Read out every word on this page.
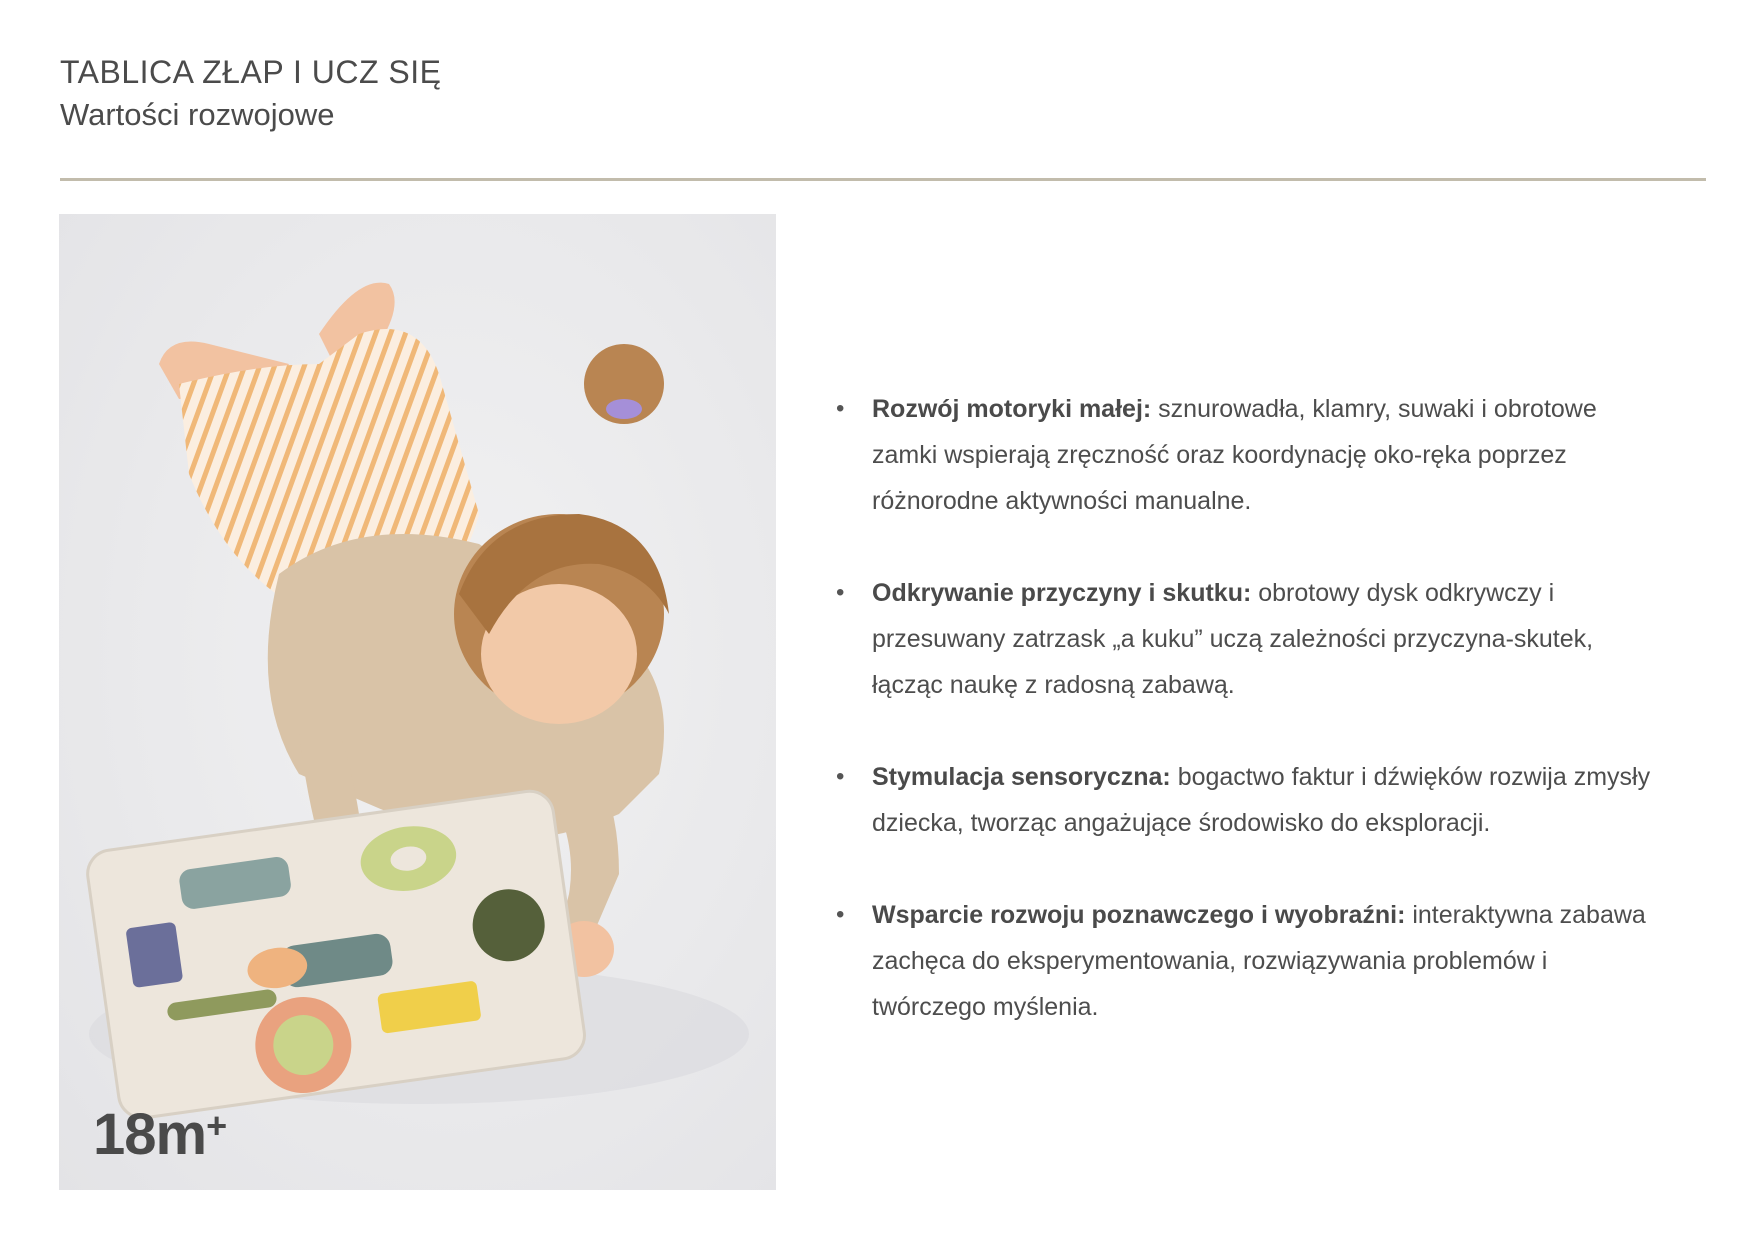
TABLICA ZŁAP I UCZ SIĘ
Wartości rozwojowe
18m+
• Rozwój motoryki małej: sznurowadła, klamry, suwaki i obrotowe zamki wspierają zręczność oraz koordynację oko-ręka poprzez różnorodne aktywności manualne.
• Odkrywanie przyczyny i skutku: obrotowy dysk odkrywczy i przesuwany zatrzask „a kuku” uczą zależności przyczyna-skutek, łącząc naukę z radosną zabawą.
• Stymulacja sensoryczna: bogactwo faktur i dźwięków rozwija zmysły dziecka, tworząc angażujące środowisko do eksploracji.
• Wsparcie rozwoju poznawczego i wyobraźni: interaktywna zabawa zachęca do eksperymentowania, rozwiązywania problemów i twórczego myślenia.
